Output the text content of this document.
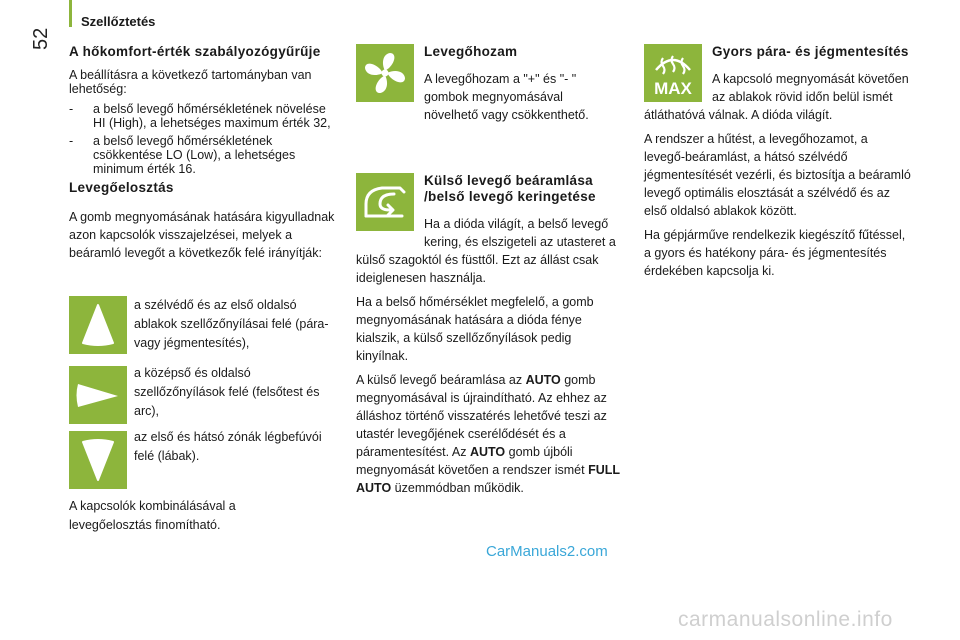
Szellőztetés
52
A hőkomfort-érték szabályozógyűrűje

A beállításra a következő tartományban van lehetőség:

- a belső levegő hőmérsékletének növelése HI (High), a lehetséges maximum érték 32,
- a belső levegő hőmérsékletének csökkentése LO (Low), a lehetséges minimum érték 16.
Levegőelosztás

A gomb megnyomásának hatására kigyulladnak azon kapcsolók visszajelzései, melyek a beáramló levegőt a következők felé irányítják:

a szélvédő és az első oldalsó ablakok szellőzőnyílásai felé (pára- vagy jégmentesítés),
a középső és oldalsó szellőzőnyílások felé (felsőtest és arc),
az első és hátsó zónák légbefúvói felé (lábak).
A kapcsolók kombinálásával a levegőelosztás finomítható.
Levegőhozam

A levegőhozam a "+" és "- " gombok megnyomásával növelhető vagy csökkenthető.

Külső levegő beáramlása /belső levegő keringetése

Ha a dióda világít, a belső levegő kering, és elszigeteli az utasteret a külső szagoktól és füsttől. Ezt az állást csak ideiglenesen használja.

Ha a belső hőmérséklet megfelelő, a gomb megnyomásának hatására a dióda fénye kialszik, a külső szellőzőnyílások pedig kinyílnak.

A külső levegő beáramlása az AUTO gomb megnyomásával is újraindítható. Az ehhez az álláshoz történő visszatérés lehetővé teszi az utastér levegőjének cserélődését és a páramentesítést. Az AUTO gomb újbóli megnyomását követően a rendszer ismét FULL AUTO üzemmódban működik.

MAX
Gyors pára- és jégmentesítés

A kapcsoló megnyomását követően az ablakok rövid időn belül ismét átláthatóvá válnak. A dióda világít.

A rendszer a hűtést, a levegőhozamot, a levegő-beáramlást, a hátsó szélvédő jégmentesítését vezérli, és biztosítja a beáramló levegő optimális elosztását a szélvédő és az első oldalsó ablakok között.

Ha gépjárműve rendelkezik kiegészítő fűtéssel, a gyors és hatékony pára- és jégmentesítés érdekében kapcsolja ki.

CarManuals2.com
carmanualsonline.info
